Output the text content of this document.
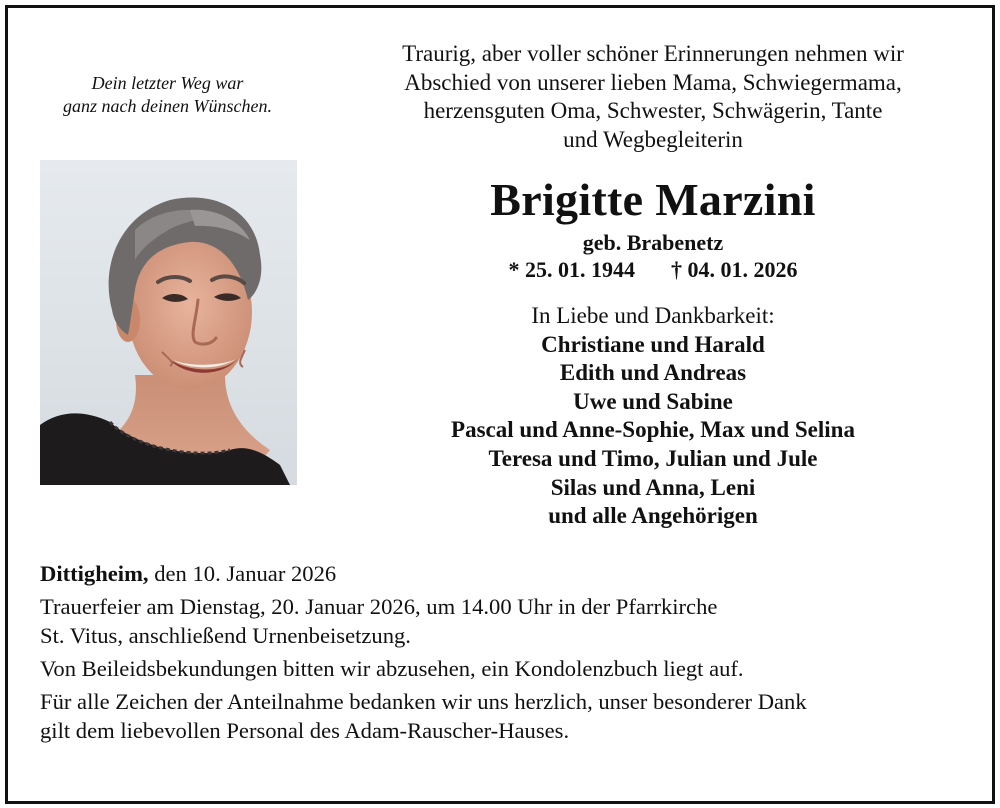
Dein letzter Weg war
ganz nach deinen Wünschen.
Traurig, aber voller schöner Erinnerungen nehmen wir
Abschied von unserer lieben Mama, Schwiegermama,
herzensguten Oma, Schwester, Schwägerin, Tante
und Wegbegleiterin
Brigitte Marzini
geb. Brabenetz
* 25. 01. 1944 † 04. 01. 2026
In Liebe und Dankbarkeit:
Christiane und Harald
Edith und Andreas
Uwe und Sabine
Pascal und Anne-Sophie, Max und Selina
Teresa und Timo, Julian und Jule
Silas und Anna, Leni
und alle Angehörigen
Dittigheim, den 10. Januar 2026
Trauerfeier am Dienstag, 20. Januar 2026, um 14.00 Uhr in der Pfarrkirche
St. Vitus, anschließend Urnenbeisetzung.
Von Beileidsbekundungen bitten wir abzusehen, ein Kondolenzbuch liegt auf.
Für alle Zeichen der Anteilnahme bedanken wir uns herzlich, unser besonderer Dank
gilt dem liebevollen Personal des Adam-Rauscher-Hauses.
